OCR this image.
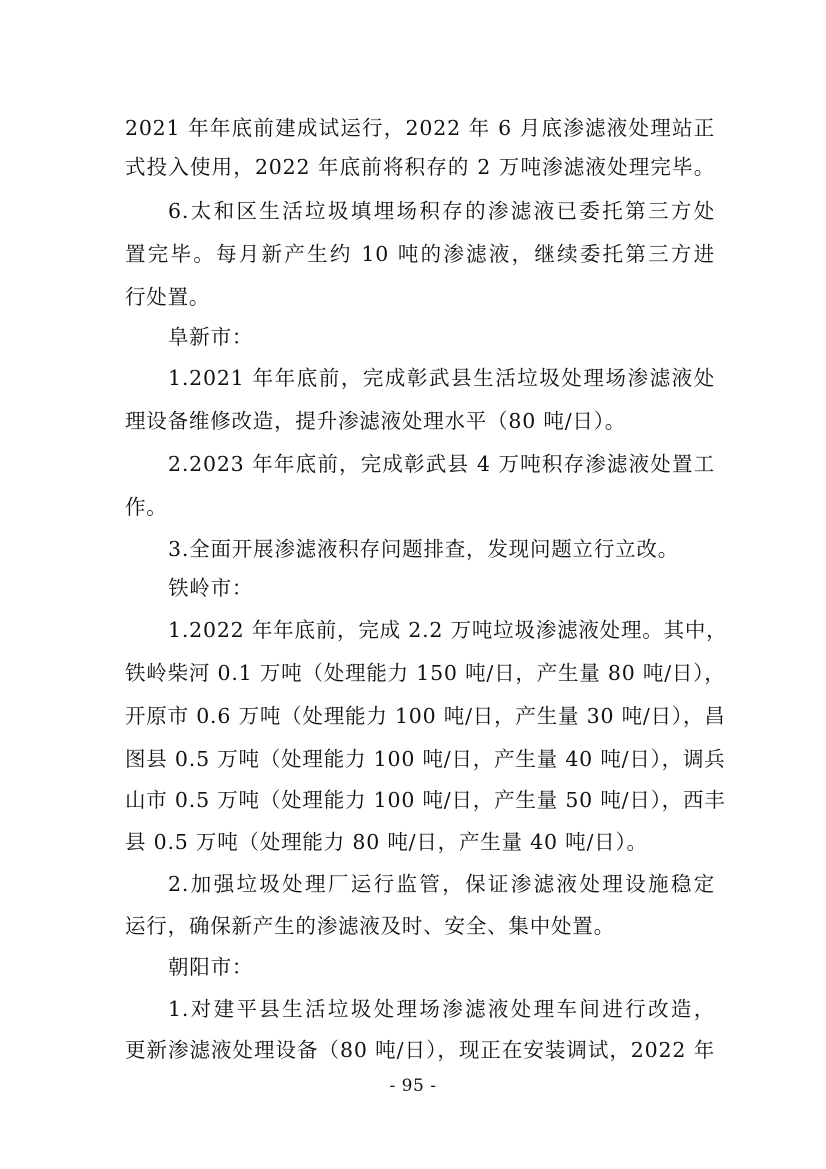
2021 年年底前建成试运行，2022 年 6 月底渗滤液处理站正
式投入使用，2022 年底前将积存的 2 万吨渗滤液处理完毕。
6.太和区生活垃圾填埋场积存的渗滤液已委托第三方处
置完毕。每月新产生约 10 吨的渗滤液，继续委托第三方进
行处置。
阜新市：
1.2021 年年底前，完成彰武县生活垃圾处理场渗滤液处
理设备维修改造，提升渗滤液处理水平（80 吨/日）。
2.2023 年年底前，完成彰武县 4 万吨积存渗滤液处置工
作。
3.全面开展渗滤液积存问题排查，发现问题立行立改。
铁岭市：
1.2022 年年底前，完成 2.2 万吨垃圾渗滤液处理。其中，
铁岭柴河 0.1 万吨（处理能力 150 吨/日，产生量 80 吨/日），
开原市 0.6 万吨（处理能力 100 吨/日，产生量 30 吨/日），昌
图县 0.5 万吨（处理能力 100 吨/日，产生量 40 吨/日），调兵
山市 0.5 万吨（处理能力 100 吨/日，产生量 50 吨/日），西丰
县 0.5 万吨（处理能力 80 吨/日，产生量 40 吨/日）。
2.加强垃圾处理厂运行监管，保证渗滤液处理设施稳定
运行，确保新产生的渗滤液及时、安全、集中处置。
朝阳市：
1.对建平县生活垃圾处理场渗滤液处理车间进行改造，
更新渗滤液处理设备（80 吨/日），现正在安装调试，2022 年
- 95 -
